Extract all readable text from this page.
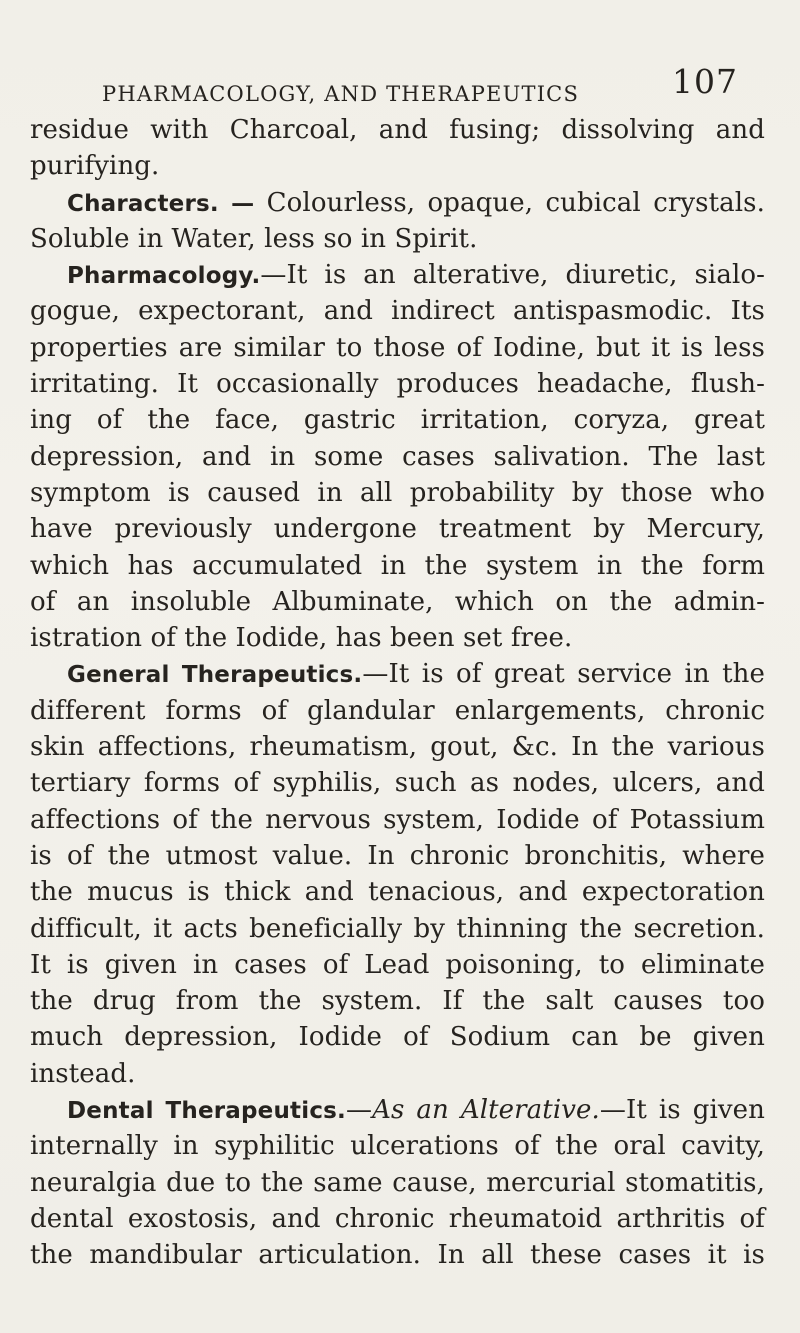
PHARMACOLOGY, AND THERAPEUTICS	107
residue with Charcoal, and fusing; dissolving and
purifying.
Characters. — Colourless, opaque, cubical crystals.
Soluble in Water, less so in Spirit.
Pharmacology.—It is an alterative, diuretic, sialo-
gogue, expectorant, and indirect antispasmodic. Its
properties are similar to those of Iodine, but it is less
irritating. It occasionally produces headache, flush-
ing of the face, gastric irritation, coryza, great
depression, and in some cases salivation. The last
symptom is caused in all probability by those who
have previously undergone treatment by Mercury,
which has accumulated in the system in the form
of an insoluble Albuminate, which on the admin-
istration of the Iodide, has been set free.
General Therapeutics.—It is of great service in the
different forms of glandular enlargements, chronic
skin affections, rheumatism, gout, &c. In the various
tertiary forms of syphilis, such as nodes, ulcers, and
affections of the nervous system, Iodide of Potassium
is of the utmost value. In chronic bronchitis, where
the mucus is thick and tenacious, and expectoration
difficult, it acts beneficially by thinning the secretion.
It is given in cases of Lead poisoning, to eliminate
the drug from the system. If the salt causes too
much depression, Iodide of Sodium can be given
instead.
Dental Therapeutics.—As an Alterative.—It is given
internally in syphilitic ulcerations of the oral cavity,
neuralgia due to the same cause, mercurial stomatitis,
dental exostosis, and chronic rheumatoid arthritis of
the mandibular articulation. In all these cases it is
